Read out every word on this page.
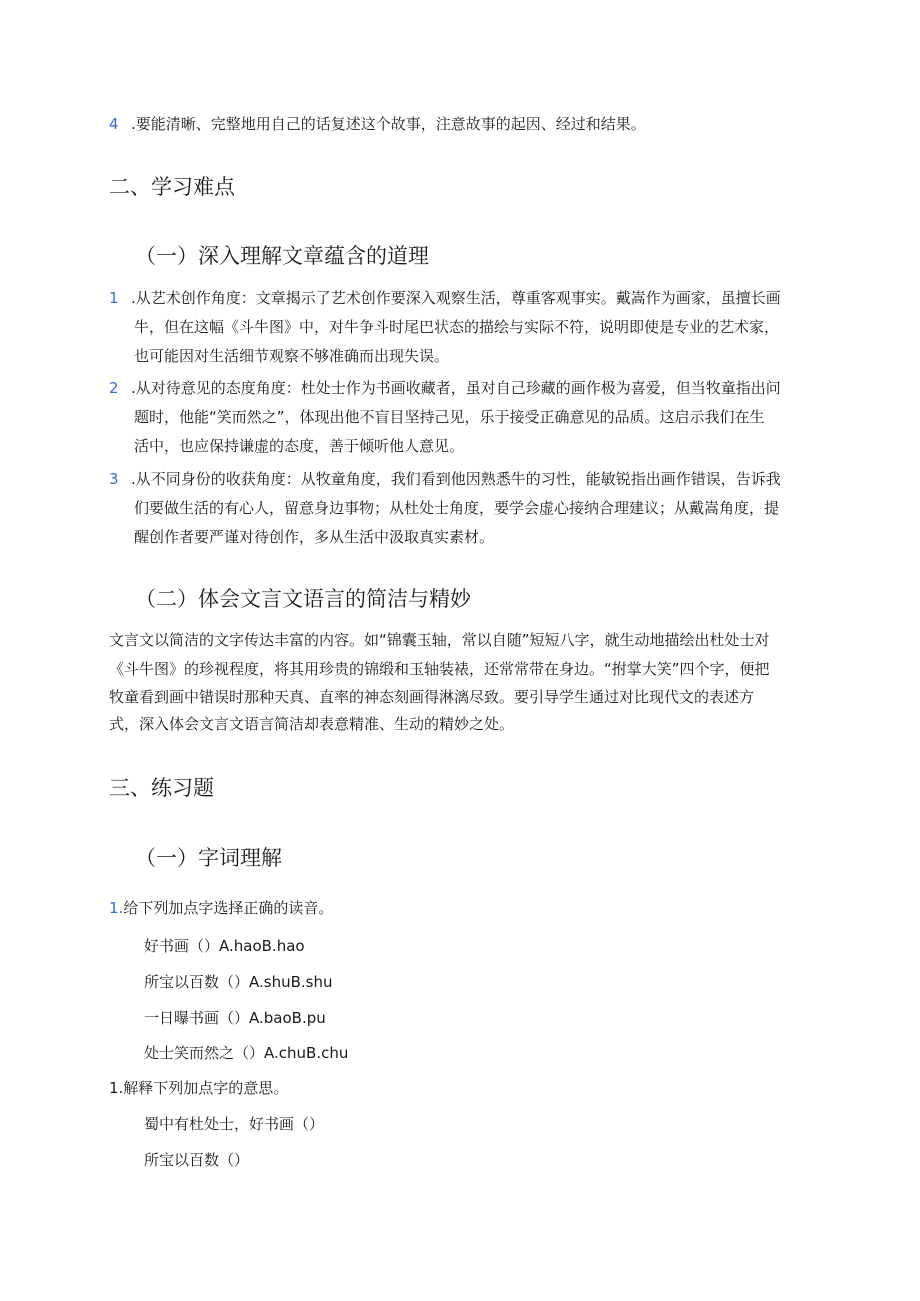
4 .要能清晰、完整地用自己的话复述这个故事，注意故事的起因、经过和结果。
二、学习难点
（一）深入理解文章蕴含的道理
1 .从艺术创作角度：文章揭示了艺术创作要深入观察生活，尊重客观事实。戴嵩作为画家，虽擅长画
牛，但在这幅《斗牛图》中，对牛争斗时尾巴状态的描绘与实际不符，说明即使是专业的艺术家，
也可能因对生活细节观察不够准确而出现失误。
2 .从对待意见的态度角度：杜处士作为书画收藏者，虽对自己珍藏的画作极为喜爱，但当牧童指出问
题时，他能“笑而然之”，体现出他不盲目坚持己见，乐于接受正确意见的品质。这启示我们在生
活中，也应保持谦虚的态度，善于倾听他人意见。
3 .从不同身份的收获角度：从牧童角度，我们看到他因熟悉牛的习性，能敏锐指出画作错误，告诉我
们要做生活的有心人，留意身边事物；从杜处士角度，要学会虚心接纳合理建议；从戴嵩角度，提
醒创作者要严谨对待创作，多从生活中汲取真实素材。
（二）体会文言文语言的简洁与精妙
文言文以简洁的文字传达丰富的内容。如“锦囊玉轴，常以自随”短短八字，就生动地描绘出杜处士对
《斗牛图》的珍视程度，将其用珍贵的锦缎和玉轴装裱，还常常带在身边。“拊掌大笑”四个字，便把
牧童看到画中错误时那种天真、直率的神态刻画得淋漓尽致。要引导学生通过对比现代文的表述方
式，深入体会文言文语言简洁却表意精准、生动的精妙之处。
三、练习题
（一）字词理解
1.给下列加点字选择正确的读音。
好书画（）A.haoB.hao
所宝以百数（）A.shuB.shu
一日曝书画（）A.baoB.pu
处士笑而然之（）A.chuB.chu
1.解释下列加点字的意思。
蜀中有杜处士，好书画（）
所宝以百数（）
